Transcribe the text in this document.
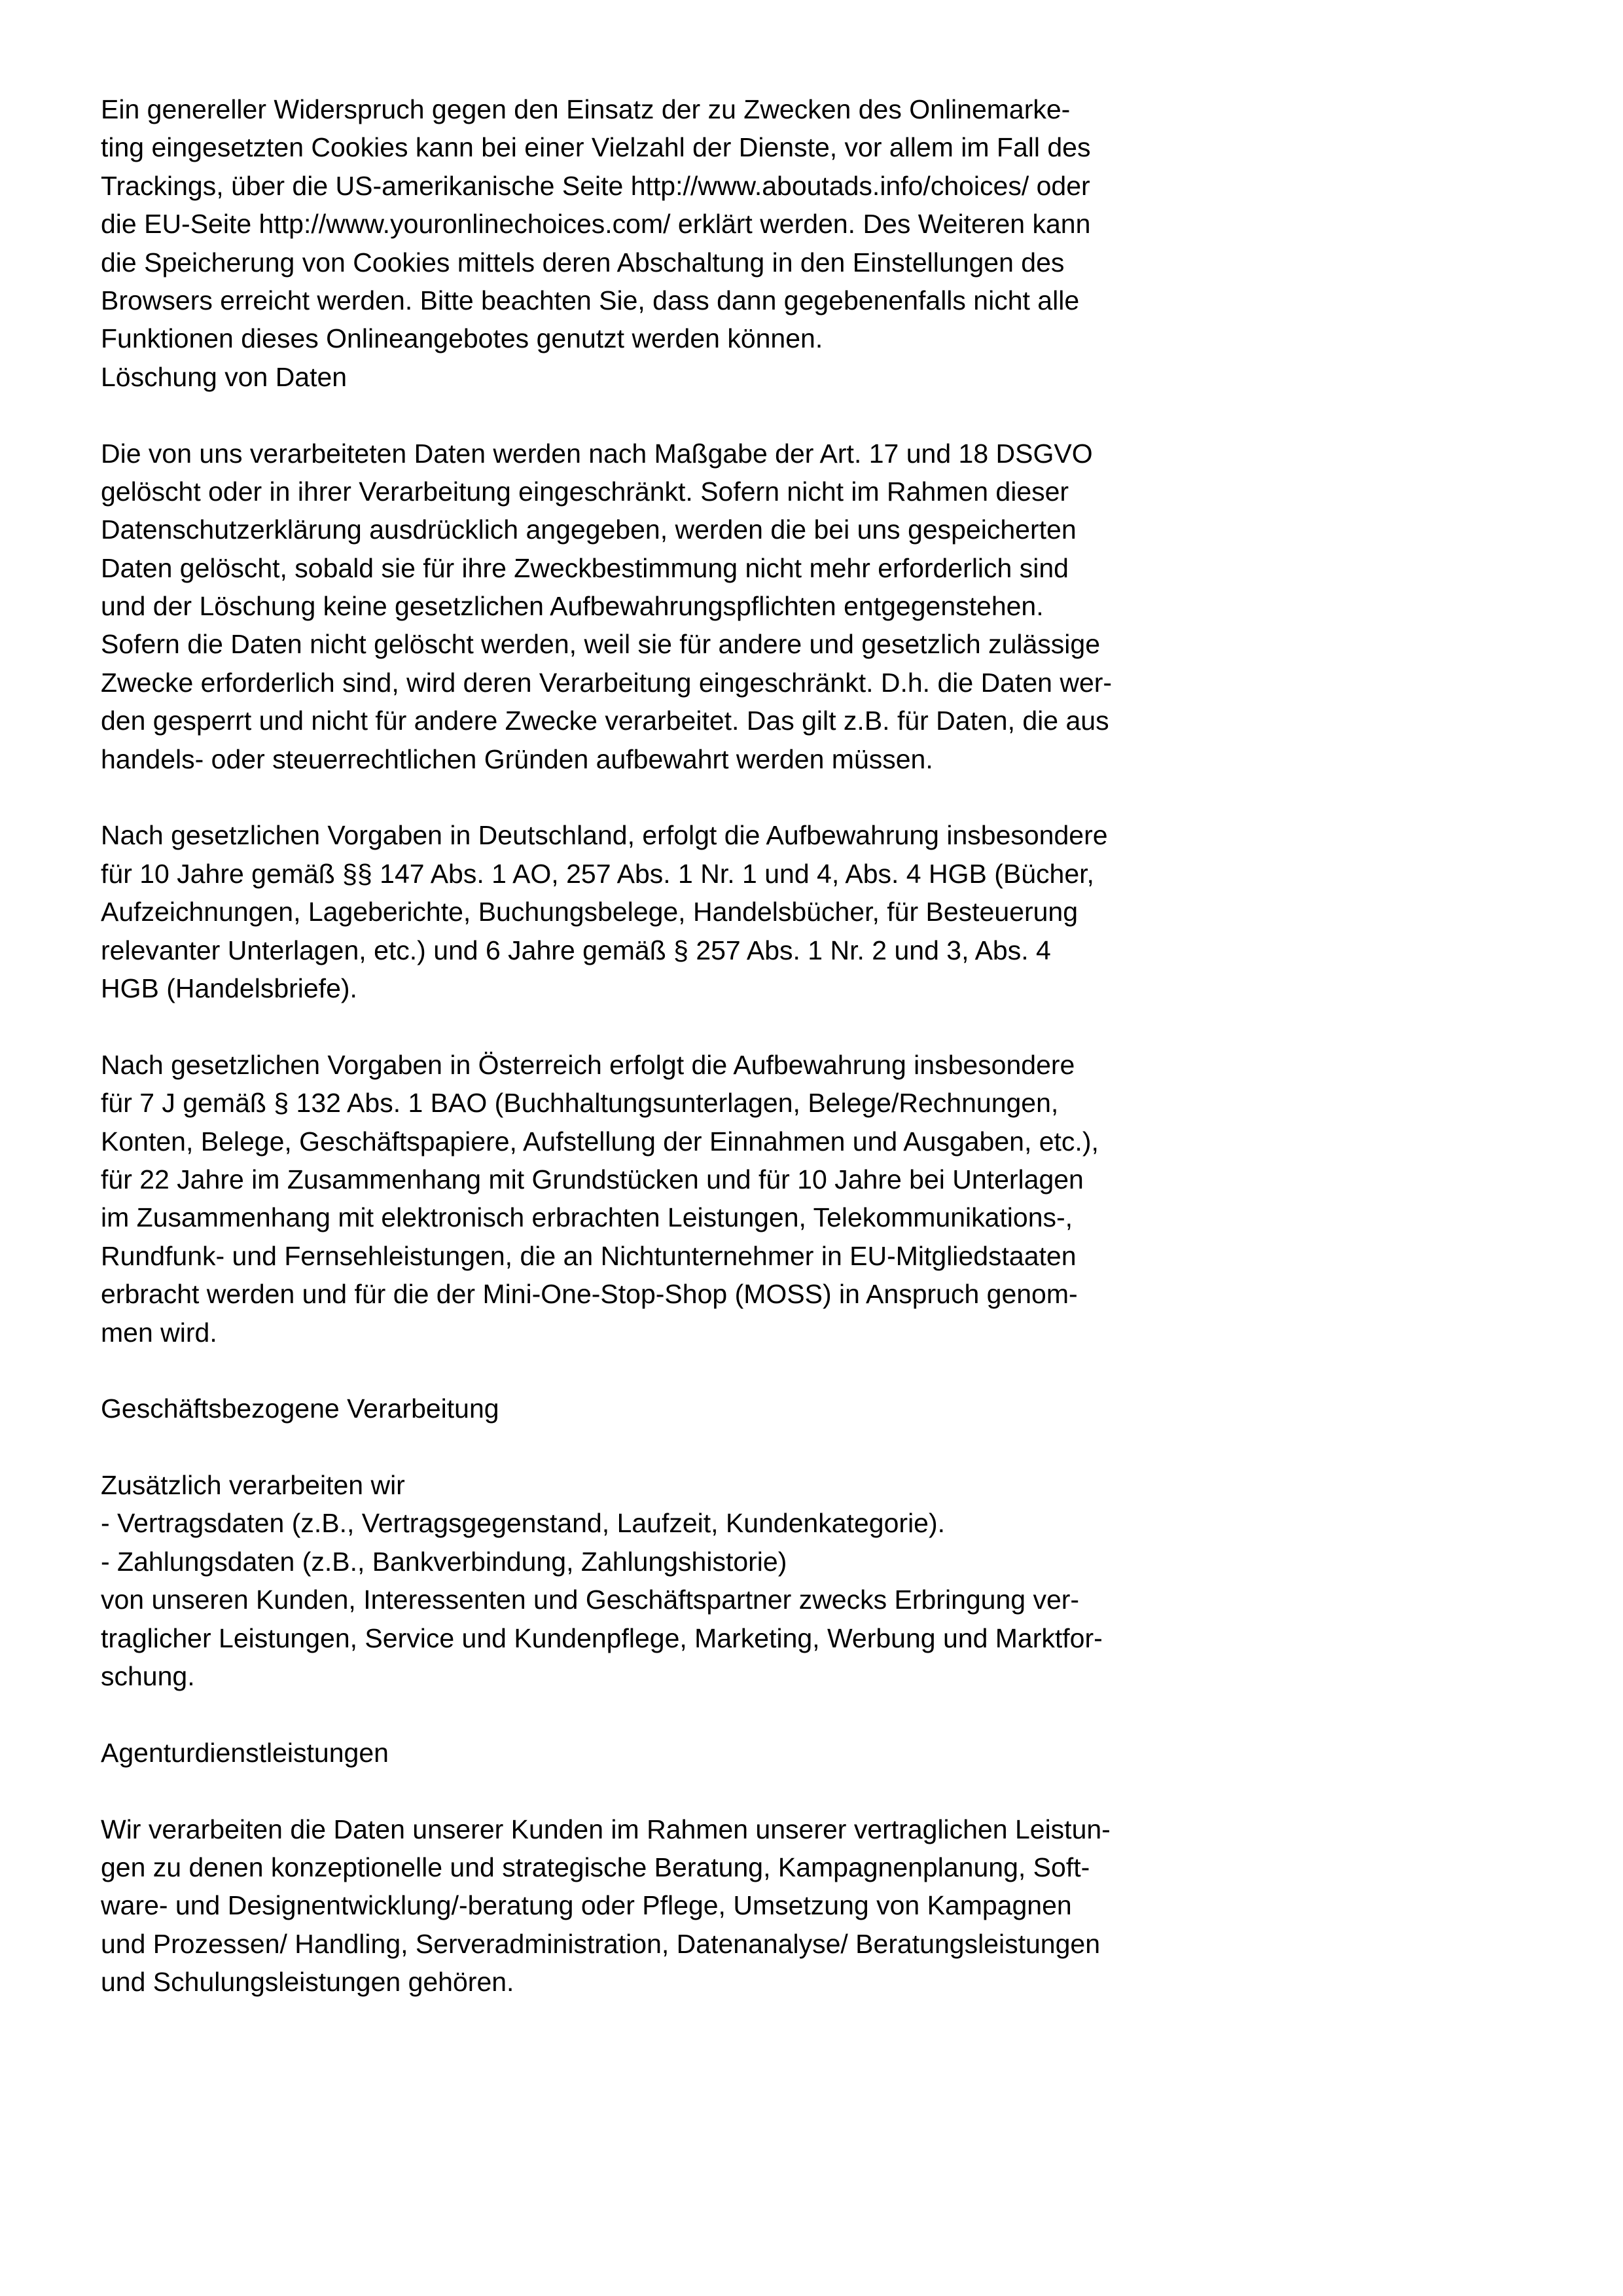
Ein genereller Widerspruch gegen den Einsatz der zu Zwecken des Onlinemarke-
ting eingesetzten Cookies kann bei einer Vielzahl der Dienste, vor allem im Fall des
Trackings, über die US-amerikanische Seite http://www.aboutads.info/choices/ oder
die EU-Seite http://www.youronlinechoices.com/ erklärt werden. Des Weiteren kann
die Speicherung von Cookies mittels deren Abschaltung in den Einstellungen des
Browsers erreicht werden. Bitte beachten Sie, dass dann gegebenenfalls nicht alle
Funktionen dieses Onlineangebotes genutzt werden können.
Löschung von Daten
Die von uns verarbeiteten Daten werden nach Maßgabe der Art. 17 und 18 DSGVO
gelöscht oder in ihrer Verarbeitung eingeschränkt. Sofern nicht im Rahmen dieser
Datenschutzerklärung ausdrücklich angegeben, werden die bei uns gespeicherten
Daten gelöscht, sobald sie für ihre Zweckbestimmung nicht mehr erforderlich sind
und der Löschung keine gesetzlichen Aufbewahrungspflichten entgegenstehen.
Sofern die Daten nicht gelöscht werden, weil sie für andere und gesetzlich zulässige
Zwecke erforderlich sind, wird deren Verarbeitung eingeschränkt. D.h. die Daten wer-
den gesperrt und nicht für andere Zwecke verarbeitet. Das gilt z.B. für Daten, die aus
handels- oder steuerrechtlichen Gründen aufbewahrt werden müssen.
Nach gesetzlichen Vorgaben in Deutschland, erfolgt die Aufbewahrung insbesondere
für 10 Jahre gemäß §§ 147 Abs. 1 AO, 257 Abs. 1 Nr. 1 und 4, Abs. 4 HGB (Bücher,
Aufzeichnungen, Lageberichte, Buchungsbelege, Handelsbücher, für Besteuerung
relevanter Unterlagen, etc.) und 6 Jahre gemäß § 257 Abs. 1 Nr. 2 und 3, Abs. 4
HGB (Handelsbriefe).
Nach gesetzlichen Vorgaben in Österreich erfolgt die Aufbewahrung insbesondere
für 7 J gemäß § 132 Abs. 1 BAO (Buchhaltungsunterlagen, Belege/Rechnungen,
Konten, Belege, Geschäftspapiere, Aufstellung der Einnahmen und Ausgaben, etc.),
für 22 Jahre im Zusammenhang mit Grundstücken und für 10 Jahre bei Unterlagen
im Zusammenhang mit elektronisch erbrachten Leistungen, Telekommunikations-,
Rundfunk- und Fernsehleistungen, die an Nichtunternehmer in EU-Mitgliedstaaten
erbracht werden und für die der Mini-One-Stop-Shop (MOSS) in Anspruch genom-
men wird.
Geschäftsbezogene Verarbeitung
Zusätzlich verarbeiten wir
- Vertragsdaten (z.B., Vertragsgegenstand, Laufzeit, Kundenkategorie).
- Zahlungsdaten (z.B., Bankverbindung, Zahlungshistorie)
von unseren Kunden, Interessenten und Geschäftspartner zwecks Erbringung ver-
traglicher Leistungen, Service und Kundenpflege, Marketing, Werbung und Marktfor-
schung.
Agenturdienstleistungen
Wir verarbeiten die Daten unserer Kunden im Rahmen unserer vertraglichen Leistun-
gen zu denen konzeptionelle und strategische Beratung, Kampagnenplanung, Soft-
ware- und Designentwicklung/-beratung oder Pflege, Umsetzung von Kampagnen
und Prozessen/ Handling, Serveradministration, Datenanalyse/ Beratungsleistungen
und Schulungsleistungen gehören.
